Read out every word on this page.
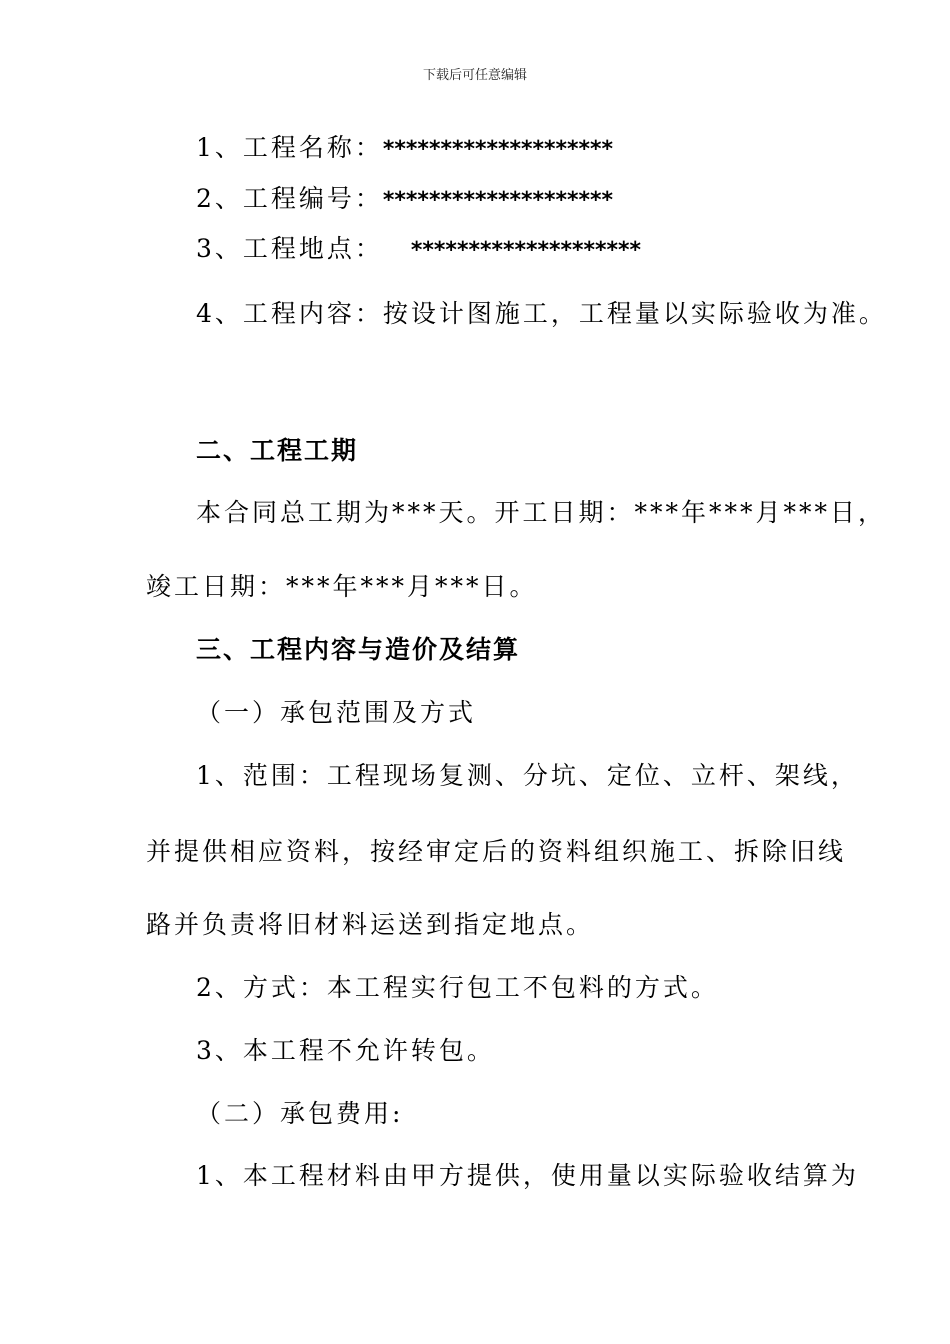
下载后可任意编辑
1、工程名称：********************
2、工程编号：********************
3、工程地点： ********************
4、工程内容：按设计图施工，工程量以实际验收为准。
二、工程工期
本合同总工期为***天。开工日期：***年***月***日，
竣工日期：***年***月***日。
三、工程内容与造价及结算
（一）承包范围及方式
1、范围：工程现场复测、分坑、定位、立杆、架线，
并提供相应资料，按经审定后的资料组织施工、拆除旧线
路并负责将旧材料运送到指定地点。
2、方式：本工程实行包工不包料的方式。
3、本工程不允许转包。
（二）承包费用:
1、本工程材料由甲方提供，使用量以实际验收结算为
